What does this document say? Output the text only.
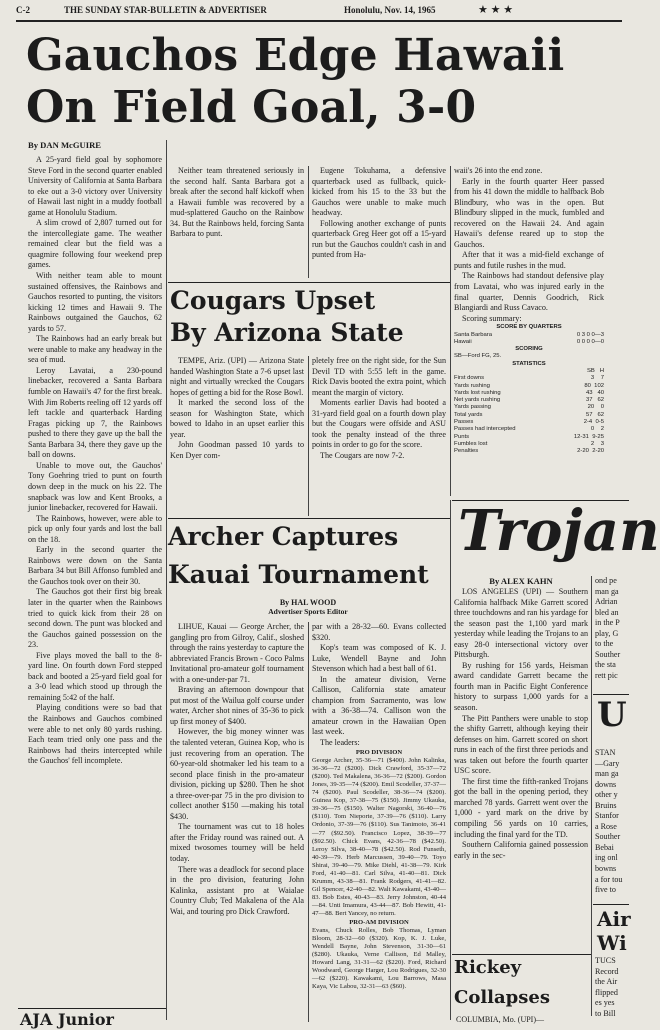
C-2	THE SUNDAY STAR-BULLETIN & ADVERTISER	Honolulu, Nov. 14, 1965	★ ★ ★
Gauchos Edge Hawaii
On Field Goal, 3-0

By DAN McGUIRE

A 25-yard field goal by sophomore Steve Ford in the second quarter enabled University of California at Santa Barbara to eke out a 3-0 victory over University of Hawaii last night in a muddy football game at Honolulu Stadium.

A slim crowd of 2,807 turned out for the intercollegiate game. The weather remained clear but the field was a quagmire following four weekend prep games.

With neither team able to mount sustained offensives, the Rainbows and Gauchos resorted to punting, the visitors kicking 12 times and Hawaii 9. The Rainbows outgained the Gauchos, 62 yards to 57.

The Rainbows had an early break but were unable to make any headway in the sea of mud.

Leroy Lavatai, a 230-pound linebacker, recovered a Santa Barbara fumble on Hawaii's 47 for the first break. With Jim Roberts reeling off 12 yards off left tackle and quarterback Harding Fragas picking up 7, the Rainbows pushed to there they gave up the ball the Santa Barbara 34, there they gave up the ball on downs.

Unable to move out, the Gauchos' Tony Goehring tried to punt on fourth down deep in the muck on his 22. The snapback was low and Kent Brooks, a junior linebacker, recovered for Hawaii.

The Rainbows, however, were able to pick up only four yards and lost the ball on the 18.

Early in the second quarter the Rainbows were down on the Santa Barbara 34 but Bill Affonso fumbled and the Gauchos took over on their 30.

The Gauchos got their first big break later in the quarter when the Rainbows tried to quick kick from their 28 on second down. The punt was blocked and the Gauchos gained possession on the 23.

Five plays moved the ball to the 8-yard line. On fourth down Ford stepped back and booted a 25-yard field goal for a 3-0 lead which stood up through the remaining 5:42 of the half.

Playing conditions were so bad that the Rainbows and Gauchos combined were able to net only 80 yards rushing. Each team tried only one pass and the Rainbows had theirs intercepted while the Gauchos' fell incomplete.

Neither team threatened seriously in the second half. Santa Barbara got a break after the second half kickoff when a Hawaii fumble was recovered by a mud-splattered Gaucho on the Rainbow 34. But the Rainbows held, forcing Santa Barbara to punt.

Eugene Tokuhama, a defensive quarterback used as fullback, quick-kicked from his 15 to the 33 but the Gauchos were unable to make much headway.

Following another exchange of punts quarterback Greg Heer got off a 15-yard run but the Gauchos couldn't cash in and punted from Ha-

waii's 26 into the end zone.

Early in the fourth quarter Heer passed from his 41 down the middle to halfback Bob Blindbury, who was in the open. But Blindbury slipped in the muck, fumbled and recovered on the Hawaii 24. And again Hawaii's defense reared up to stop the Gauchos.

After that it was a mid-field exchange of punts and futile rushes in the mud.

The Rainbows had standout defensive play from Lavatai, who was injured early in the final quarter, Dennis Goodrich, Rick Blangiardi and Russ Cavaco.

Scoring summary:

SCORE BY QUARTERS
Santa Barbara	0 3 0 0—3
Hawaii	0 0 0 0—0
SCORING
SB—Ford FG, 25.
STATISTICS
SB   H
First downs	3    7
Yards rushing	80  102
Yards lost rushing	43   40
Net yards rushing	37   62
Yards passing	20    0
Total yards	57   62
Passes	2-4  0-5
Passes had intercepted	0    2
Punts	12-31  9-25
Fumbles lost	2    3
Penalties	2-20  2-20
Cougars Upset
By Arizona State

TEMPE, Ariz. (UPI) — Arizona State handed Washington State a 7-6 upset last night and virtually wrecked the Cougars hopes of getting a bid for the Rose Bowl.

It marked the second loss of the season for Washington State, which bowed to Idaho in an upset earlier this year.

John Goodman passed 10 yards to Ken Dyer com-

pletely free on the right side, for the Sun Devil TD with 5:55 left in the game. Rick Davis booted the extra point, which meant the margin of victory.

Moments earlier Davis had booted a 31-yard field goal on a fourth down play but the Cougars were offside and ASU took the penalty instead of the three points in order to go for the score.

The Cougars are now 7-2.

Archer Captures
Kauai Tournament
By HAL WOOD
Advertiser Sports Editor

LIHUE, Kauai — George Archer, the gangling pro from Gilroy, Calif., sloshed through the rains yesterday to capture the abbreviated Francis Brown - Coco Palms Invitational pro-amateur golf tournament with a one-under-par 71.

Braving an afternoon downpour that put most of the Wailua golf course under water, Archer shot nines of 35-36 to pick up first money of $400.

However, the big money winner was the talented veteran, Guinea Kop, who is just recovering from an operation. The 60-year-old shotmaker led his team to a second place finish in the pro-amateur division, picking up $280. Then he shot a three-over-par 75 in the pro division to collect another $150 —making his total $430.

The tournament was cut to 18 holes after the Friday round was rained out. A mixed twosomes tourney will be held today.

There was a deadlock for second place in the pro division, featuring John Kalinka, assistant pro at Waialae Country Club; Ted Makalena of the Ala Wai, and touring pro Dick Crawford.

par with a 28-32—60. Evans collected $320.

Kop's team was composed of K. J. Luke, Wendell Bayne and John Stevenson which had a best ball of 61.

In the amateur division, Verne Callison, California state amateur champion from Sacramento, was low with a 36-38—74. Callison won the amateur crown in the Hawaiian Open last week.

The leaders:

PRO DIVISION

George Archer, 35-36—71 ($400). John Kalinka, 36-36—72 ($200). Dick Crawford, 35-37—72 ($200). Ted Makalena, 36-36—72 ($200). Gordon Jones, 39-35—74 ($200). Emil Scodeller, 37-37—74 ($200). Paul Scodeller, 38-36—74 ($200). Guinea Kop, 37-38—75 ($150). Jimmy Ukauka, 39-36—75 ($150). Walter Nagorski, 36-40—76 ($110). Tom Nieporte, 37-39—76 ($110). Larry Ordonio, 37-39—76 ($110). Sus Tanimoto, 36-41—77 ($92.50). Francisco Lopez, 38-39—77 ($92.50). Chick Evans, 42-36—78 ($42.50). Leroy Silva, 38-40—78 ($42.50). Rod Funseth, 40-39—79. Herb Marcussen, 39-40—79. Toyo Shirai, 39-40—79. Mike Diehl, 41-38—79. Kirk Ford, 41-40—81. Carl Silva, 41-40—81. Dick Krumm, 43-38—81. Frank Rodgers, 41-41—82. Gil Spencer, 42-40—82. Walt Kawakami, 43-40—83. Bob Estes, 40-43—83. Jerry Johnston, 40-44—84. Unti Imamura, 43-44—87. Bob Hewitt, 41-47—88. Bert Yancey, no return.

PRO-AM DIVISION

Evans, Chuck Rolles, Bob Thomas, Lyman Bloom, 28-32—60 ($320). Kop, K. J. Luke, Wendell Bayne, John Stevenson, 31-30—61 ($280). Ukauka, Verne Callison, Ed Malley, Howard Lang, 31-31—62 ($220). Ford, Richard Woodward, George Harger, Lou Rodrigues, 32-30—62 ($220). Kawakami, Lou Barrows, Masa Kaya, Vic Labou, 32-31—63 ($60).

Trojan

By ALEX KAHN

LOS ANGELES (UPI) — Southern California halfback Mike Garrett scored three touchdowns and ran his yardage for the season past the 1,100 yard mark yesterday while leading the Trojans to an easy 28-0 intersectional victory over Pittsburgh.

By rushing for 156 yards, Heisman award candidate Garrett became the fourth man in Pacific Eight Conference history to surpass 1,000 yards for a season.

The Pitt Panthers were unable to stop the shifty Garrett, although keying their defenses on him. Garrett scored on short runs in each of the first three periods and was taken out before the fourth quarter USC score.

The first time the fifth-ranked Trojans got the ball in the opening period, they marched 78 yards. Garrett went over the 1,000 - yard mark on the drive by compiling 56 yards on 10 carries, including the final yard for the TD.

Southern California gained possession early in the sec-

ond pe
man ga
Adrian
bled an
in the P
play, G
to the
Souther
the sta
rett pic
U
STAN
—Gary
man ga
downs
other y
Bruins
Stanfor
a Rose
Souther
Bebai
ing onl
bowns
a for tou
five to
Air
Wi
TUCS
Record
the Air
flipped
es yes
to Bill
Rickey
Collapses
COLUMBIA, Mo. (UPI)—
AJA Junior
